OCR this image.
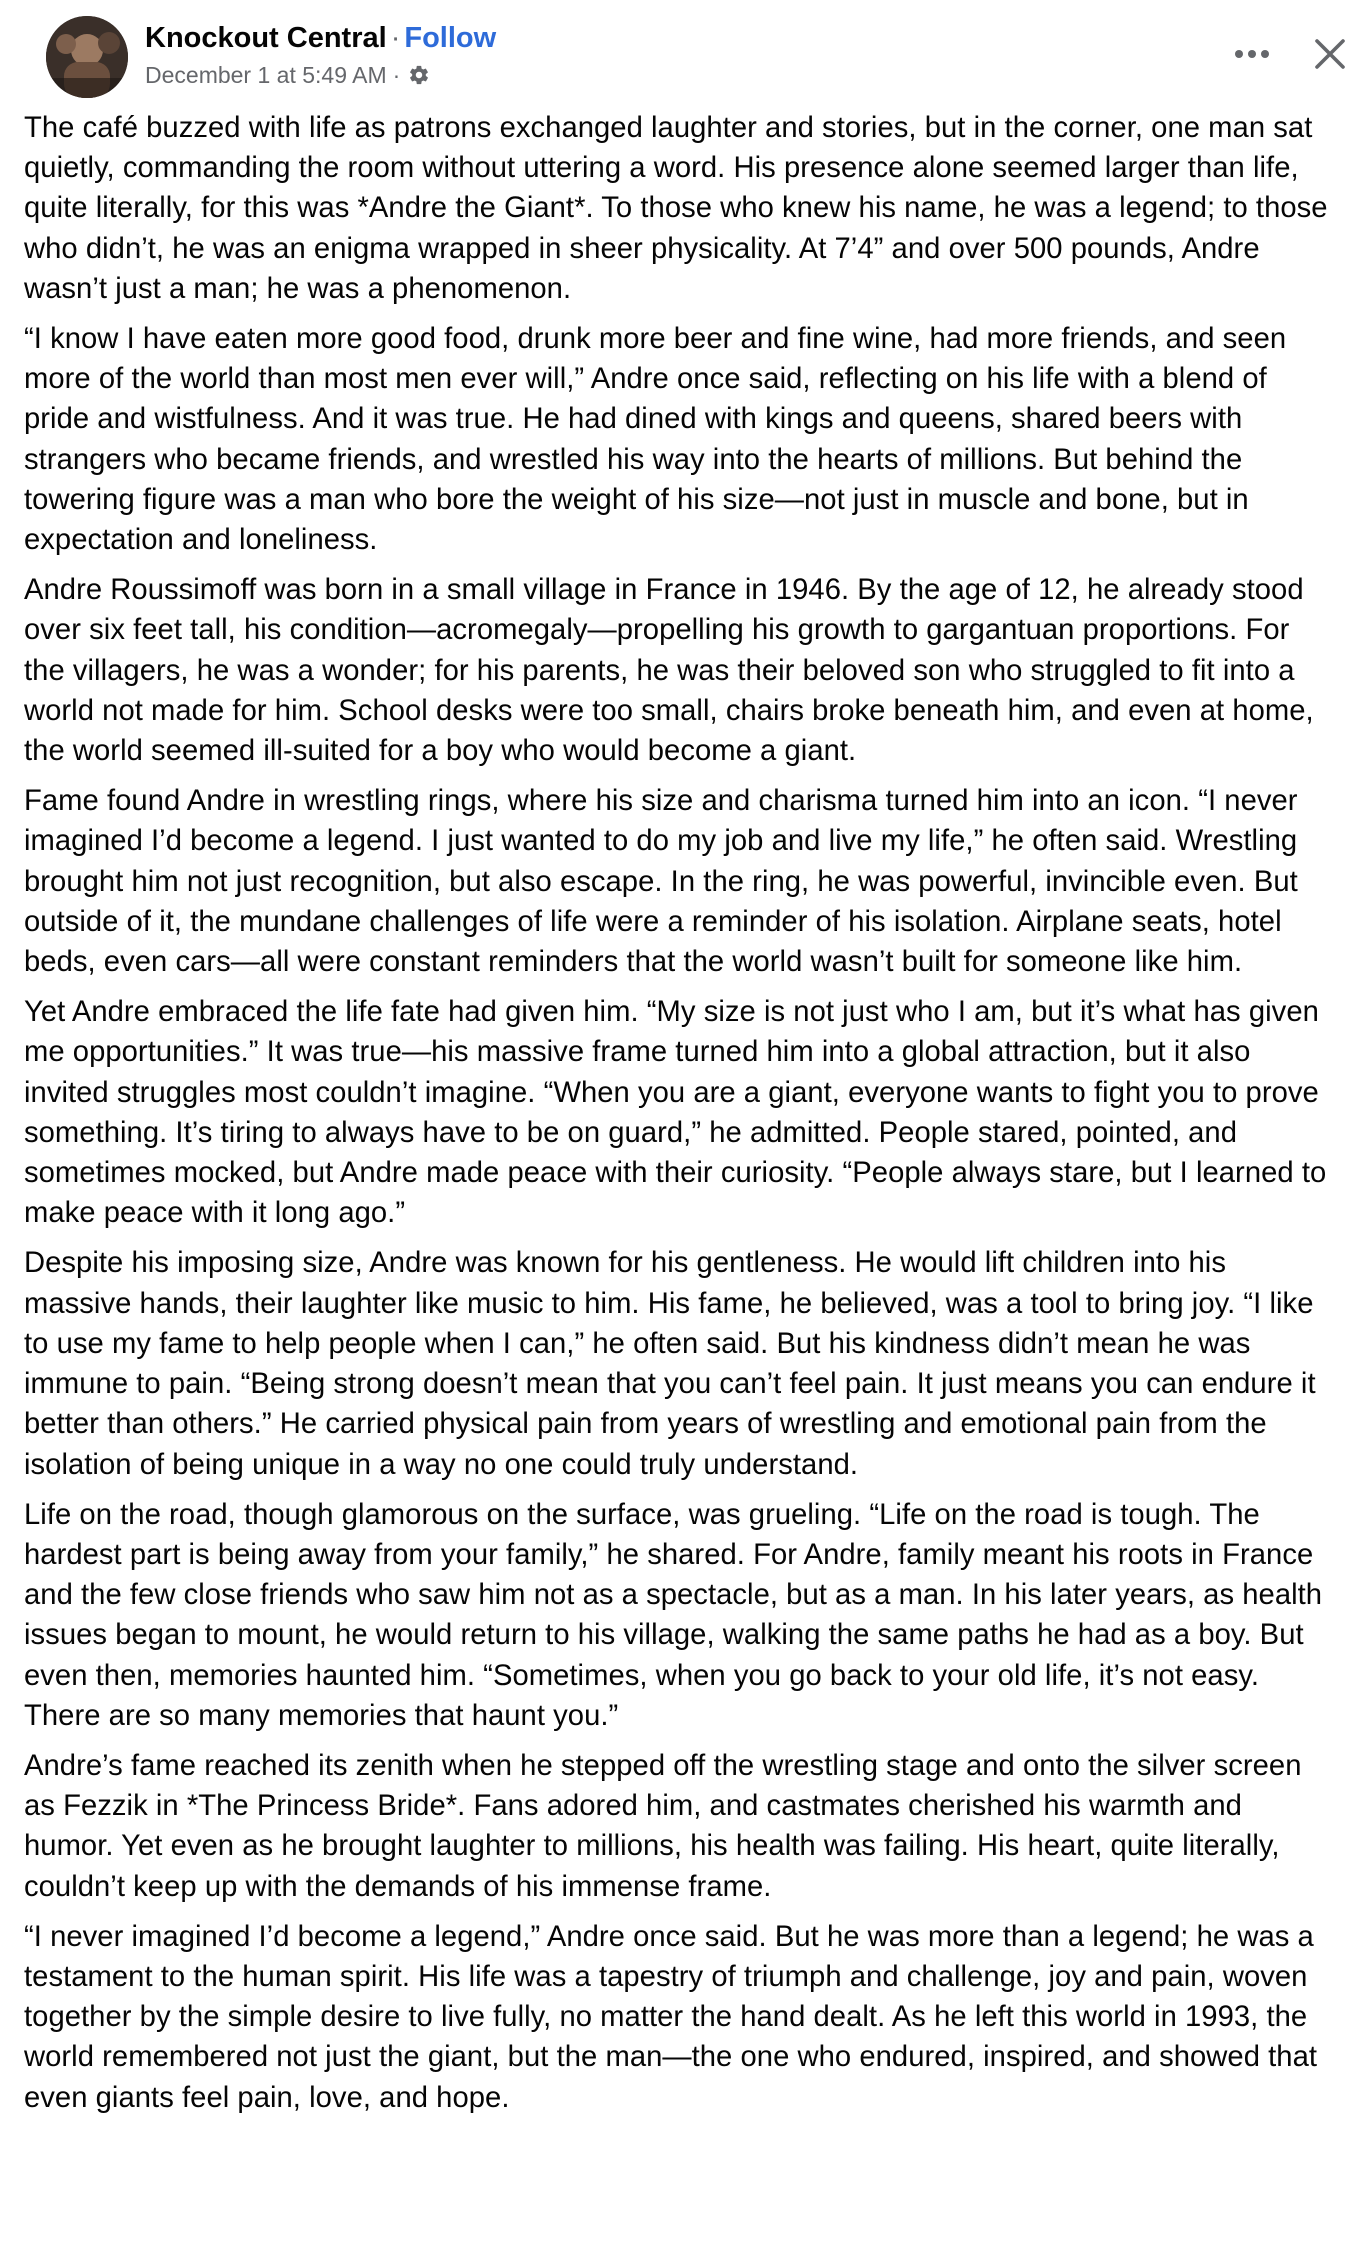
Knockout Central · Follow
December 1 at 5:49 AM ·

The café buzzed with life as patrons exchanged laughter and stories, but in the corner, one man sat quietly, commanding the room without uttering a word. His presence alone seemed larger than life, quite literally, for this was *Andre the Giant*. To those who knew his name, he was a legend; to those who didn’t, he was an enigma wrapped in sheer physicality. At 7’4” and over 500 pounds, Andre wasn’t just a man; he was a phenomenon.

“I know I have eaten more good food, drunk more beer and fine wine, had more friends, and seen more of the world than most men ever will,” Andre once said, reflecting on his life with a blend of pride and wistfulness. And it was true. He had dined with kings and queens, shared beers with strangers who became friends, and wrestled his way into the hearts of millions. But behind the towering figure was a man who bore the weight of his size—not just in muscle and bone, but in expectation and loneliness.

Andre Roussimoff was born in a small village in France in 1946. By the age of 12, he already stood over six feet tall, his condition—acromegaly—propelling his growth to gargantuan proportions. For the villagers, he was a wonder; for his parents, he was their beloved son who struggled to fit into a world not made for him. School desks were too small, chairs broke beneath him, and even at home, the world seemed ill-suited for a boy who would become a giant.

Fame found Andre in wrestling rings, where his size and charisma turned him into an icon. “I never imagined I’d become a legend. I just wanted to do my job and live my life,” he often said. Wrestling brought him not just recognition, but also escape. In the ring, he was powerful, invincible even. But outside of it, the mundane challenges of life were a reminder of his isolation. Airplane seats, hotel beds, even cars—all were constant reminders that the world wasn’t built for someone like him.

Yet Andre embraced the life fate had given him. “My size is not just who I am, but it’s what has given me opportunities.” It was true—his massive frame turned him into a global attraction, but it also invited struggles most couldn’t imagine. “When you are a giant, everyone wants to fight you to prove something. It’s tiring to always have to be on guard,” he admitted. People stared, pointed, and sometimes mocked, but Andre made peace with their curiosity. “People always stare, but I learned to make peace with it long ago.”

Despite his imposing size, Andre was known for his gentleness. He would lift children into his massive hands, their laughter like music to him. His fame, he believed, was a tool to bring joy. “I like to use my fame to help people when I can,” he often said. But his kindness didn’t mean he was immune to pain. “Being strong doesn’t mean that you can’t feel pain. It just means you can endure it better than others.” He carried physical pain from years of wrestling and emotional pain from the isolation of being unique in a way no one could truly understand.

Life on the road, though glamorous on the surface, was grueling. “Life on the road is tough. The hardest part is being away from your family,” he shared. For Andre, family meant his roots in France and the few close friends who saw him not as a spectacle, but as a man. In his later years, as health issues began to mount, he would return to his village, walking the same paths he had as a boy. But even then, memories haunted him. “Sometimes, when you go back to your old life, it’s not easy. There are so many memories that haunt you.”

Andre’s fame reached its zenith when he stepped off the wrestling stage and onto the silver screen as Fezzik in *The Princess Bride*. Fans adored him, and castmates cherished his warmth and humor. Yet even as he brought laughter to millions, his health was failing. His heart, quite literally, couldn’t keep up with the demands of his immense frame.

“I never imagined I’d become a legend,” Andre once said. But he was more than a legend; he was a testament to the human spirit. His life was a tapestry of triumph and challenge, joy and pain, woven together by the simple desire to live fully, no matter the hand dealt. As he left this world in 1993, the world remembered not just the giant, but the man—the one who endured, inspired, and showed that even giants feel pain, love, and hope.
